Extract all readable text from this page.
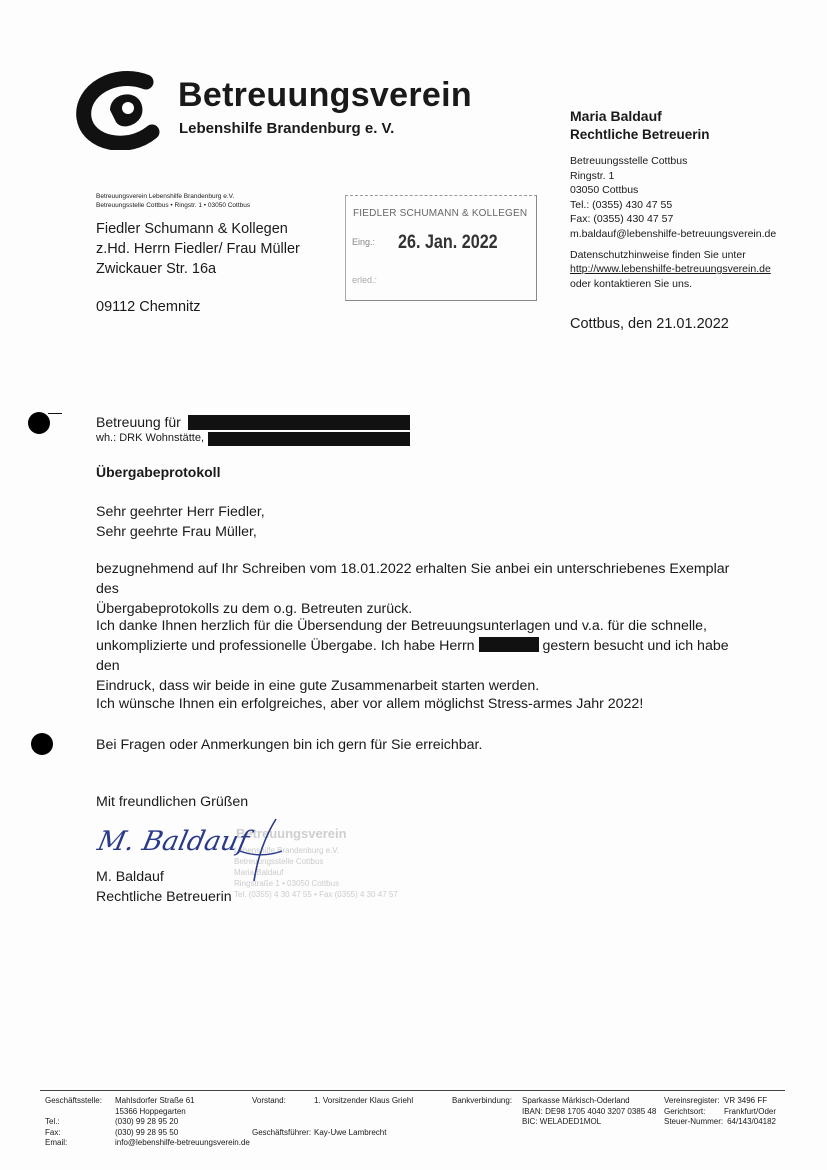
Betreuungsverein
Lebenshilfe Brandenburg e. V.
Maria Baldauf
Rechtliche Betreuerin
Betreuungsstelle Cottbus
Ringstr. 1
03050 Cottbus
Tel.: (0355) 430 47 55
Fax: (0355) 430 47 57
m.baldauf@lebenshilfe-betreuungsverein.de
Datenschutzhinweise finden Sie unter
http://www.lebenshilfe-betreuungsverein.de
oder kontaktieren Sie uns.
Cottbus, den 21.01.2022
Betreuungsverein Lebenshilfe Brandenburg e.V.
Betreuungsstelle Cottbus • Ringstr. 1 • 03050 Cottbus
Fiedler Schumann & Kollegen
z.Hd. Herrn Fiedler/ Frau Müller
Zwickauer Str. 16a
09112 Chemnitz
FIEDLER SCHUMANN & KOLLEGEN
Eing.: 26. Jan. 2022
erled.:
Betreuung für
wh.: DRK Wohnstätte,
Übergabeprotokoll
Sehr geehrter Herr Fiedler,
Sehr geehrte Frau Müller,
bezugnehmend auf Ihr Schreiben vom 18.01.2022 erhalten Sie anbei ein unterschriebenes Exemplar des
Übergabeprotokolls zu dem o.g. Betreuten zurück.
Ich danke Ihnen herzlich für die Übersendung der Betreuungsunterlagen und v.a. für die schnelle,
unkomplizierte und professionelle Übergabe. Ich habe Herrn	gestern besucht und ich habe den
Eindruck, dass wir beide in eine gute Zusammenarbeit starten werden.
Ich wünsche Ihnen ein erfolgreiches, aber vor allem möglichst Stress-armes Jahr 2022!
Bei Fragen oder Anmerkungen bin ich gern für Sie erreichbar.
Mit freundlichen Grüßen
Betreuungsverein
Lebenshilfe Brandenburg e.V.
Betreuungsstelle Cottbus
Maria Baldauf
Ringstraße 1 • 03050 Cottbus
Tel. (0355) 4 30 47 55 • Fax (0355) 4 30 47 57
M. Baldauf
M. Baldauf
Rechtliche Betreuerin
Geschäftsstelle:

Tel.:
Fax:
Email:
Mahlsdorfer Straße 61
15366 Hoppegarten
(030) 99 28 95 20
(030) 99 28 95 50
info@lebenshilfe-betreuungsverein.de
Vorstand:	1. Vorsitzender Klaus Griehl
Geschäftsführer: Kay-Uwe Lambrecht
Bankverbindung: Sparkasse Märkisch-Oderland
IBAN: DE98 1705 4040 3207 0385 48
BIC: WELADED1MOL
Vereinsregister:
Gerichtsort:
Steuer-Nummer:
VR 3496 FF
Frankfurt/Oder
64/143/04182
